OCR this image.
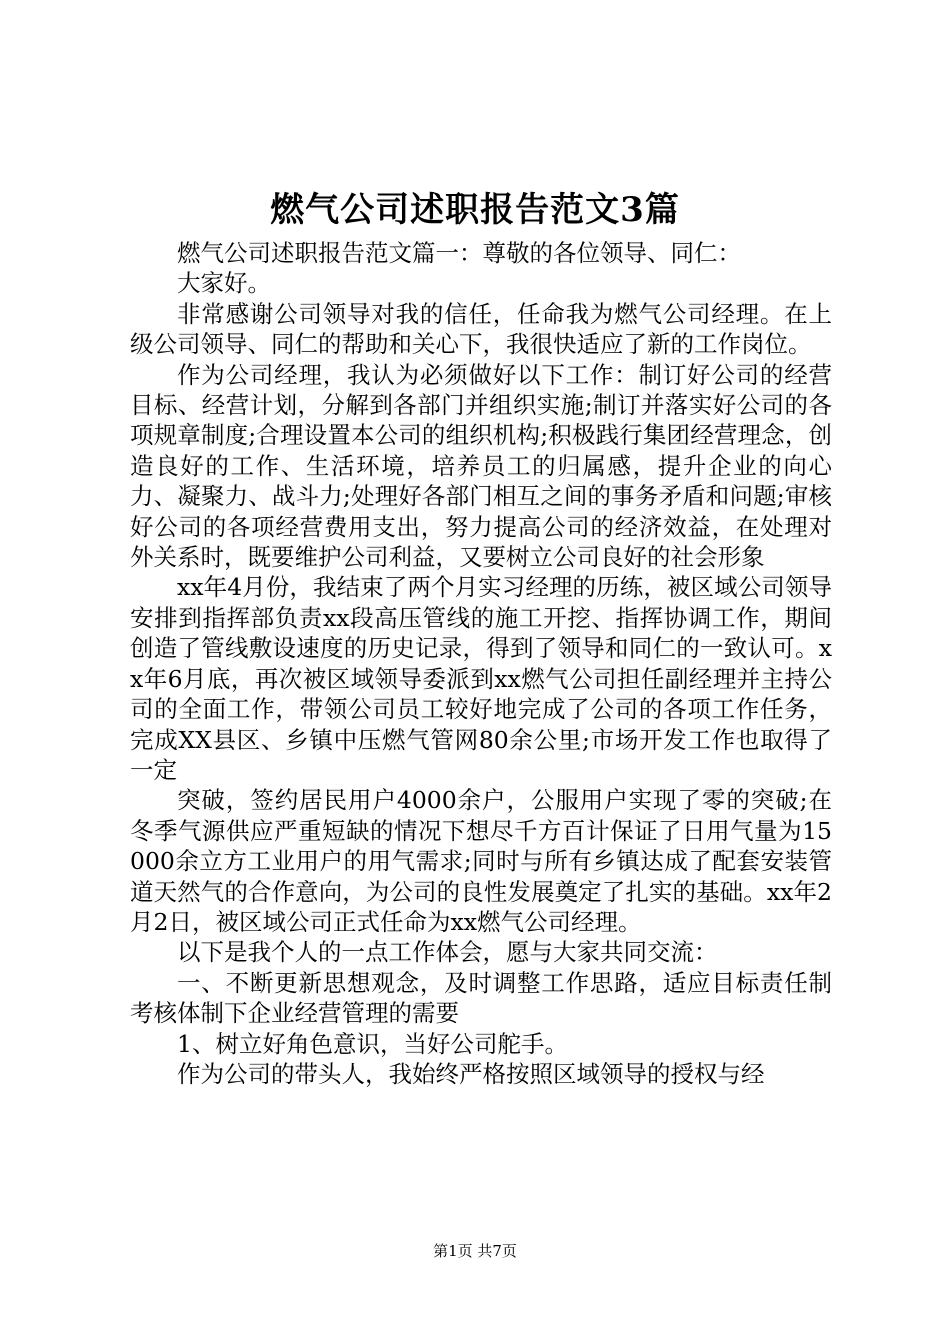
燃气公司述职报告范文3篇

燃气公司述职报告范文篇一：尊敬的各位领导、同仁：

大家好。

非常感谢公司领导对我的信任，任命我为燃气公司经理。在上级公司领导、同仁的帮助和关心下，我很快适应了新的工作岗位。

作为公司经理，我认为必须做好以下工作：制订好公司的经营目标、经营计划，分解到各部门并组织实施;制订并落实好公司的各项规章制度;合理设置本公司的组织机构;积极践行集团经营理念，创造良好的工作、生活环境，培养员工的归属感，提升企业的向心力、凝聚力、战斗力;处理好各部门相互之间的事务矛盾和问题;审核好公司的各项经营费用支出，努力提高公司的经济效益，在处理对外关系时，既要维护公司利益，又要树立公司良好的社会形象

xx年4月份，我结束了两个月实习经理的历练，被区域公司领导安排到指挥部负责xx段高压管线的施工开挖、指挥协调工作，期间创造了管线敷设速度的历史记录，得到了领导和同仁的一致认可。xx年6月底，再次被区域领导委派到xx燃气公司担任副经理并主持公司的全面工作，带领公司员工较好地完成了公司的各项工作任务，完成XX县区、乡镇中压燃气管网80余公里;市场开发工作也取得了一定

突破，签约居民用户4000余户，公服用户实现了零的突破;在冬季气源供应严重短缺的情况下想尽千方百计保证了日用气量为15000余立方工业用户的用气需求;同时与所有乡镇达成了配套安装管道天然气的合作意向，为公司的良性发展奠定了扎实的基础。xx年2月2日，被区域公司正式任命为xx燃气公司经理。

以下是我个人的一点工作体会，愿与大家共同交流：

一、不断更新思想观念，及时调整工作思路，适应目标责任制考核体制下企业经营管理的需要

1、树立好角色意识，当好公司舵手。

作为公司的带头人，我始终严格按照区域领导的授权与经

第1页 共7页
